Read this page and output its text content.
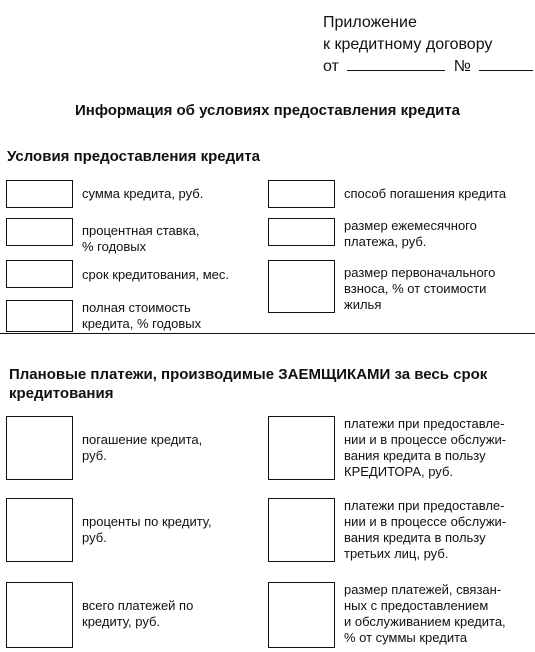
Приложение
к кредитному договору
от	№
Информация об условиях предоставления кредита
Условия предоставления кредита
сумма кредита, руб.
процентная ставка,
% годовых
срок кредитования, мес.
полная стоимость
кредита, % годовых
способ погашения кредита
размер ежемесячного
платежа, руб.
размер первоначального
взноса, % от стоимости
жилья
Плановые платежи, производимые ЗАЕМЩИКАМИ за весь срок
кредитования
погашение кредита,
руб.
проценты по кредиту,
руб.
всего платежей по
кредиту, руб.
платежи при предоставле-
нии и в процессе обслужи-
вания кредита в пользу
КРЕДИТОРА, руб.
платежи при предоставле-
нии и в процессе обслужи-
вания кредита в пользу
третьих лиц, руб.
размер платежей, связан-
ных с предоставлением
и обслуживанием кредита,
% от суммы кредита
